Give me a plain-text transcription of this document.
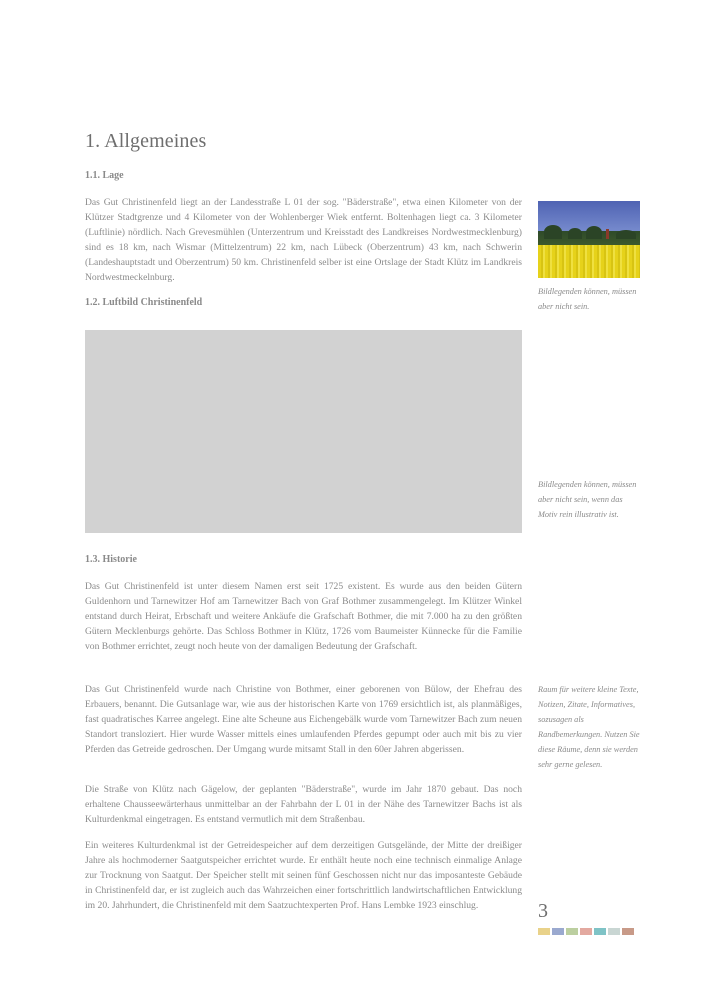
1. Allgemeines
1.1. Lage

Das Gut Christinenfeld liegt an der Landesstraße L 01 der sog. "Bäderstraße", etwa einen Kilometer von der Klützer Stadtgrenze und 4 Kilometer von der Wohlenberger Wiek entfernt. Boltenhagen liegt ca. 3 Kilometer (Luftlinie) nördlich. Nach Grevesmühlen (Unterzentrum und Kreisstadt des Landkreises Nordwestmecklenburg) sind es 18 km, nach Wismar (Mittelzentrum) 22 km, nach Lübeck (Oberzentrum) 43 km, nach Schwerin (Landeshauptstadt und Oberzentrum) 50 km. Christinenfeld selber ist eine Ortslage der Stadt Klütz im Landkreis Nordwestmeckelnburg.

Bildlegenden können, müssen aber nicht sein.
1.2. Luftbild Christinenfeld
Bildlegenden können, müssen aber nicht sein, wenn das Motiv rein illustrativ ist.
1.3. Historie

Das Gut Christinenfeld ist unter diesem Namen erst seit 1725 existent. Es wurde aus den beiden Gütern Guldenhorn und Tarnewitzer Hof am Tarnewitzer Bach von Graf Bothmer zusammengelegt. Im Klützer Winkel entstand durch Heirat, Erbschaft und weitere Ankäufe die Grafschaft Bothmer, die mit 7.000 ha zu den größten Gütern Mecklenburgs gehörte. Das Schloss Bothmer in Klütz, 1726 vom Baumeister Künnecke für die Familie von Bothmer errichtet, zeugt noch heute von der damaligen Bedeutung der Grafschaft.

Das Gut Christinenfeld wurde nach Christine von Bothmer, einer geborenen von Bülow, der Ehefrau des Erbauers, benannt. Die Gutsanlage war, wie aus der historischen Karte von 1769 ersichtlich ist, als planmäßiges, fast quadratisches Karree angelegt. Eine alte Scheune aus Eichengebälk wurde vom Tarnewitzer Bach zum neuen Standort transloziert. Hier wurde Wasser mittels eines umlaufenden Pferdes gepumpt oder auch mit bis zu vier Pferden das Getreide gedroschen. Der Umgang wurde mitsamt Stall in den 60er Jahren abgerissen.

Die Straße von Klütz nach Gägelow, der geplanten "Bäderstraße", wurde im Jahr 1870 gebaut. Das noch erhaltene Chausseewärterhaus unmittelbar an der Fahrbahn der L 01 in der Nähe des Tarnewitzer Bachs ist als Kulturdenkmal eingetragen. Es entstand vermutlich mit dem Straßenbau.

Ein weiteres Kulturdenkmal ist der Getreidespeicher auf dem derzeitigen Gutsgelände, der Mitte der dreißiger Jahre als hochmoderner Saatgutspeicher errichtet wurde. Er enthält heute noch eine technisch einmalige Anlage zur Trocknung von Saatgut. Der Speicher stellt mit seinen fünf Geschossen nicht nur das imposanteste Gebäude in Christinenfeld dar, er ist zugleich auch das Wahrzeichen einer fortschrittlich landwirtschaftlichen Entwicklung im 20. Jahrhundert, die Christinenfeld mit dem Saatzuchtexperten Prof. Hans Lembke 1923 einschlug.

Raum für weitere kleine Texte, Notizen, Zitate, Informatives, sozusagen als Randbemerkungen. Nutzen Sie diese Räume, denn sie werden sehr gerne gelesen.
3
